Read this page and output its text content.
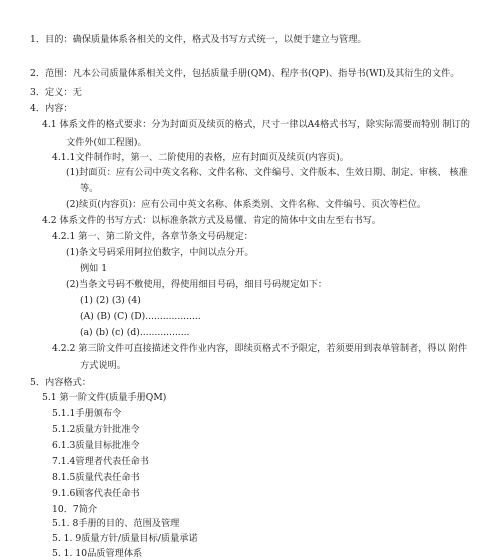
1．目的：确保质量体系各相关的文件，格式及书写方式统一，以便于建立与管理。
2．范围：凡本公司质量体系相关文件，包括质量手册(QM)、程序书(QP)、指导书(WI)及其衍生的文件。
3．定义：无
4．内容：
4.1 体系文件的格式要求：分为封面页及续页的格式，尺寸一律以A4格式书写，除实际需要而特别 制订的
文件外(如工程图)。
4.1.1文件制作时，第一、二阶使用的表格，应有封面页及续页(内容页)。
(1)封面页：应有公司中英文名称、文件名称、文件编号、文件版本、生效日期、制定、审核、 核准
等。
(2)续页(内容页)：应有公司中英文名称、体系类别、文件名称、文件编号、页次等栏位。
4.2 体系文件的书写方式：以标准条款方式及易懂、肯定的简体中文由左至右书写。
4.2.1 第一、第二阶文件，各章节条文号码规定：
(1)条文号码采用阿拉伯数字，中间以点分开。
例如 1
(2)当条文号码不敷使用，得使用细目号码，细目号码规定如下：
(1) (2) (3) (4)
(A) (B) (C) (D)...................
(a) (b) (c) (d).................
4.2.2 第三阶文件可直接描述文件作业内容，即续页格式不予限定，若须要用到表单管制者，得以 附件
方式说明。
5．内容格式：
5.1 第一阶文件(质量手册QM)
5.1.1手册颁布令
5.1.2质量方针批准令
6.1.3质量目标批准令
7.1.4管理者代表任命书
8.1.5质量代表任命书
9.1.6顾客代表任命书
10．7简介
5.1. 8手册的目的、范围及管理
5. 1. 9质量方针/质量目标/质量承诺
5. 1. 10品质管理体系
